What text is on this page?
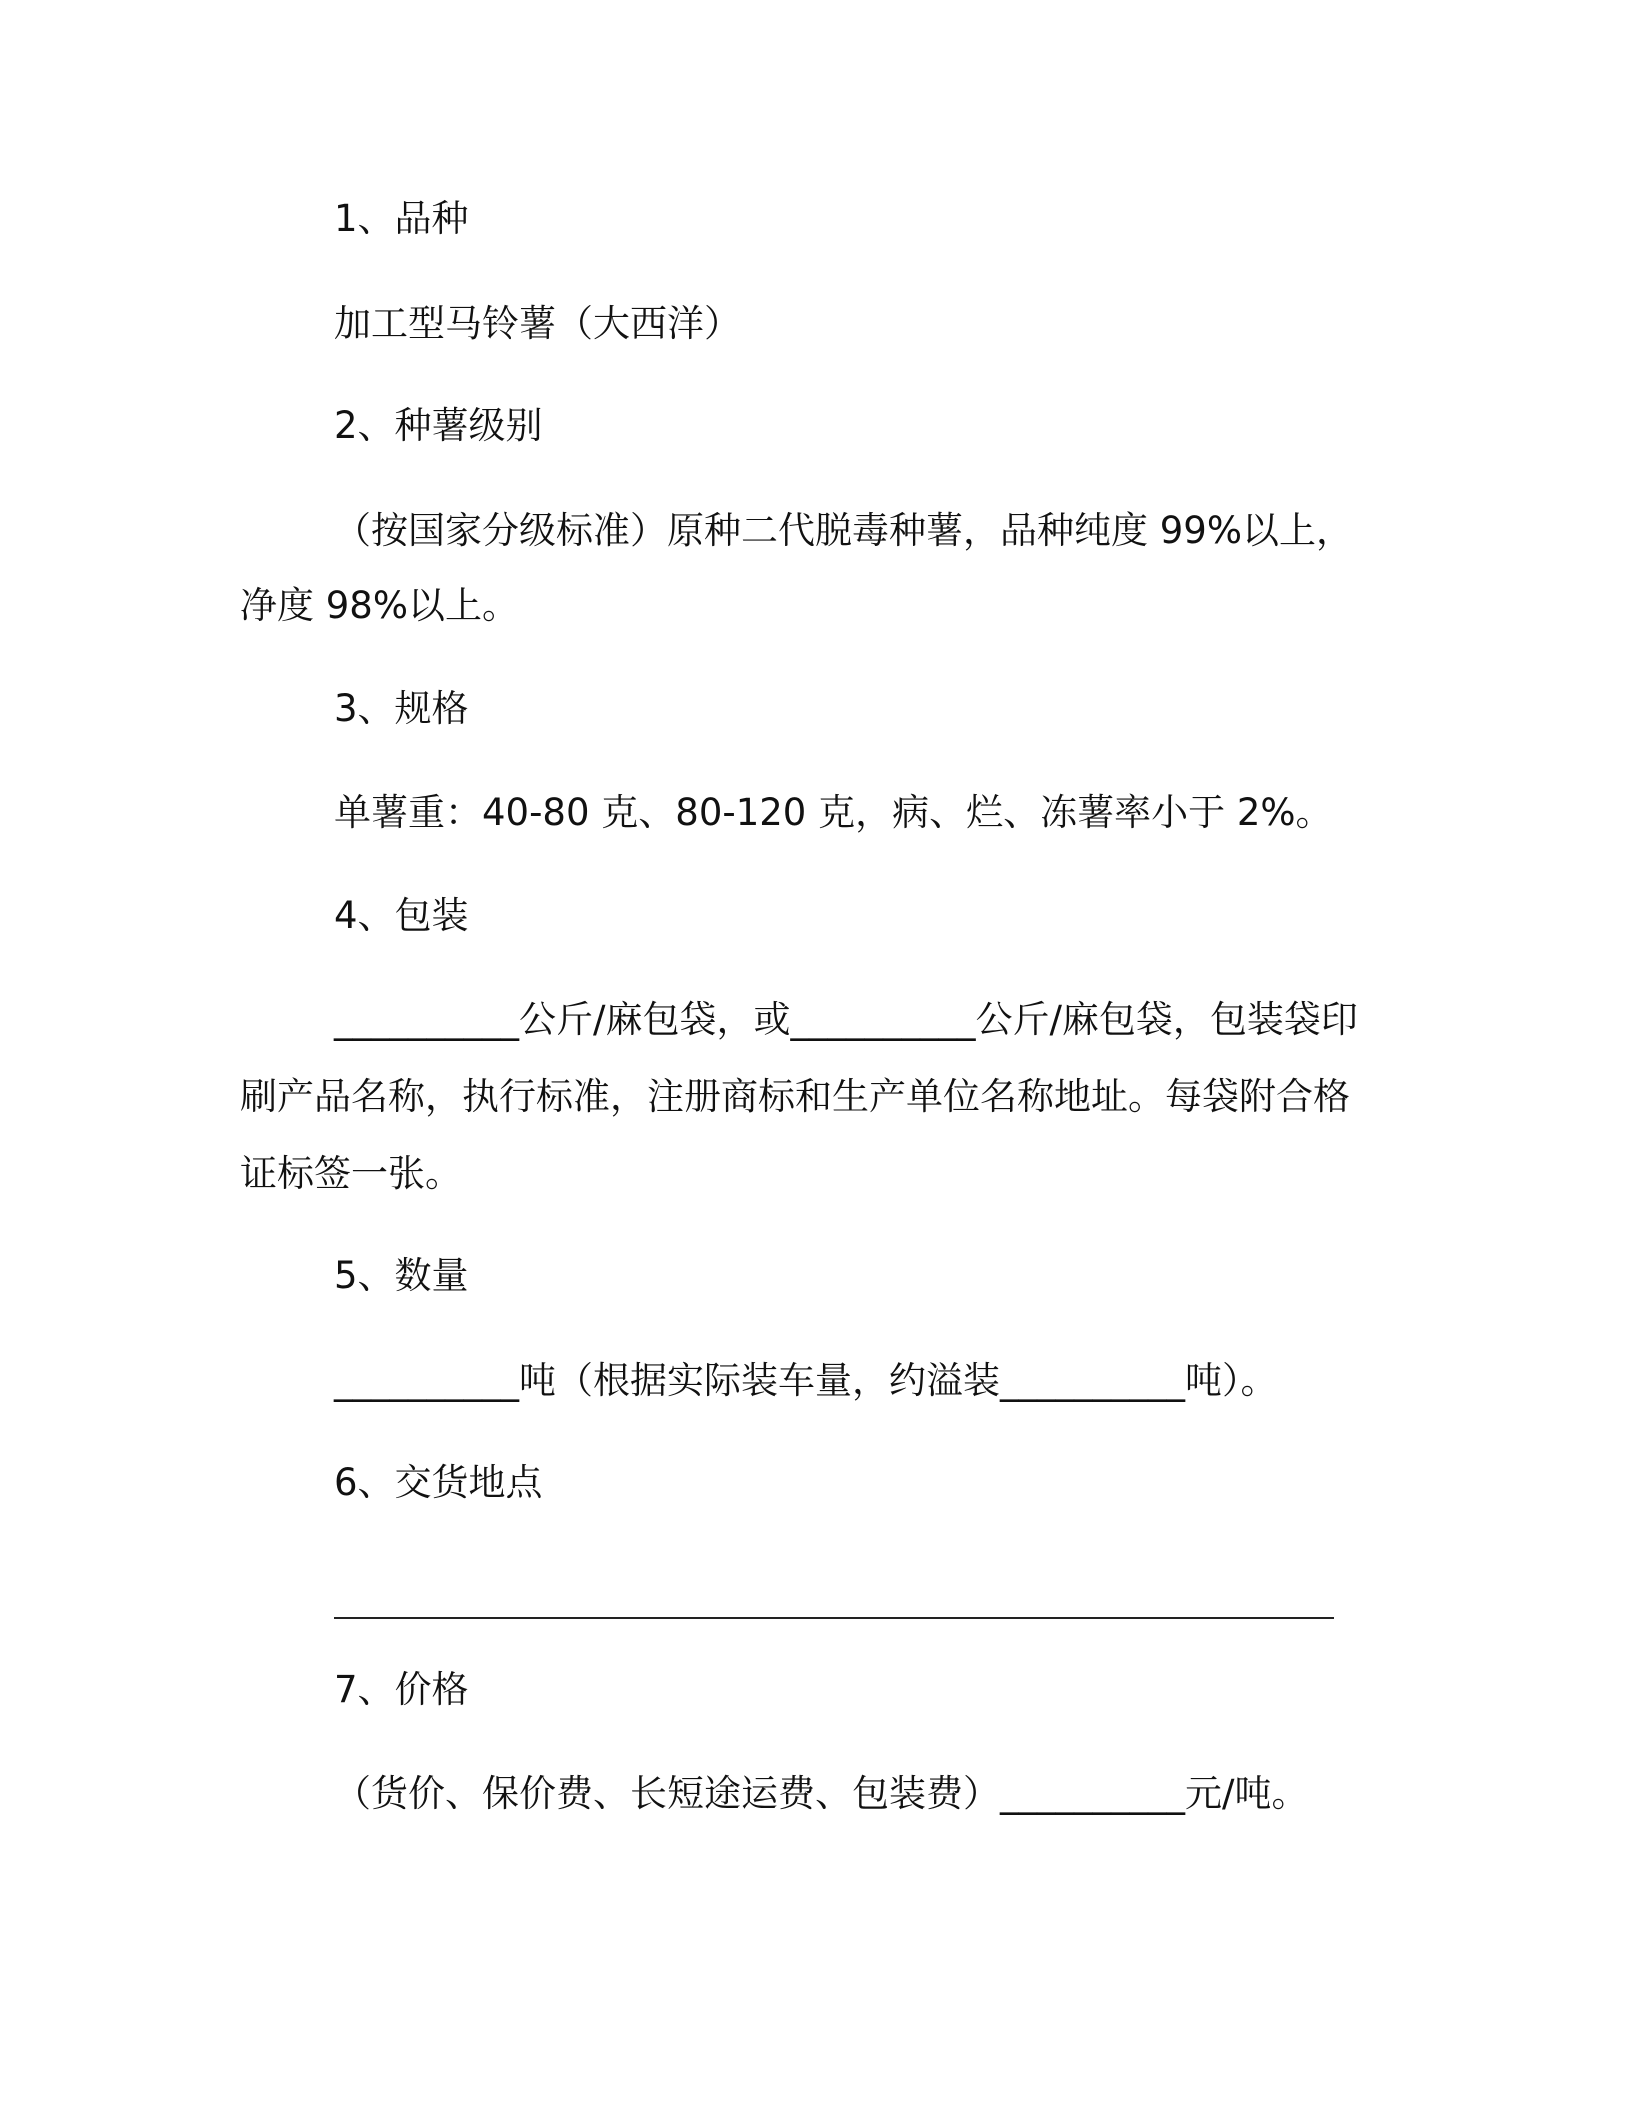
1、品种
加工型马铃薯（大西洋）
2、种薯级别
（按国家分级标准）原种二代脱毒种薯，品种纯度 99%以上，
净度 98%以上。
3、规格
单薯重：40-80 克、80-120 克，病、烂、冻薯率小于 2%。
4、包装
__________公斤/麻包袋，或__________公斤/麻包袋，包装袋印
刷产品名称，执行标准，注册商标和生产单位名称地址。每袋附合格
证标签一张。
5、数量
__________吨（根据实际装车量，约溢装__________吨）。
6、交货地点
7、价格
（货价、保价费、长短途运费、包装费）__________元/吨。
